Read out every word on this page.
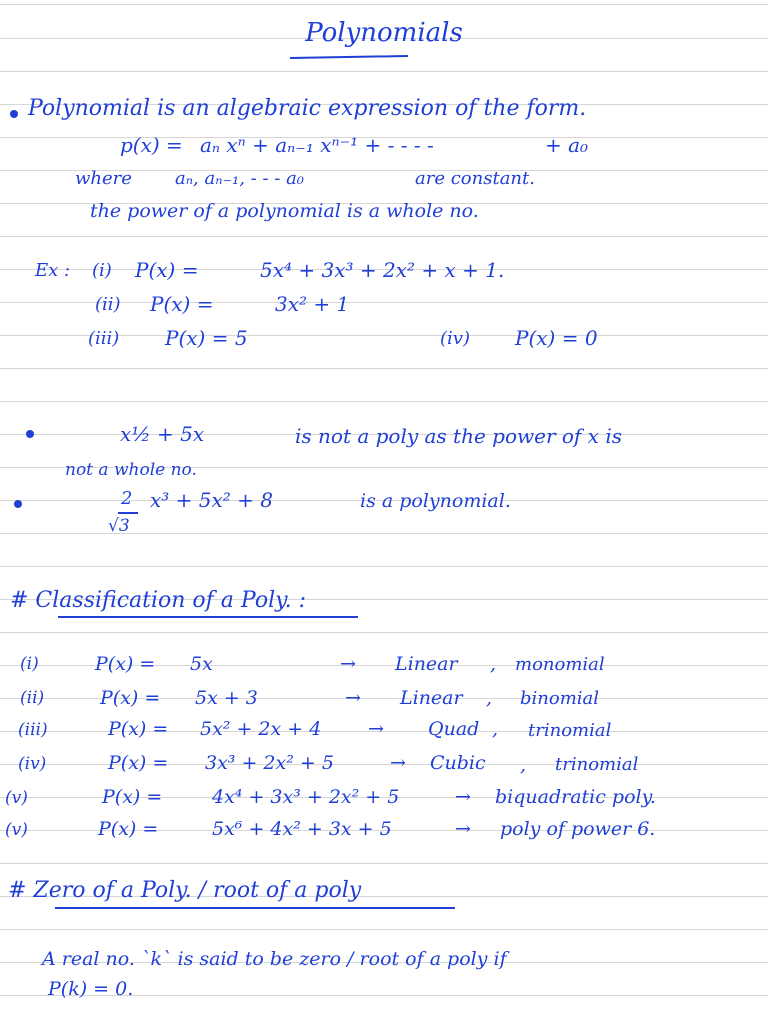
Polynomials
Polynomial is an algebraic expression of the form.
p(x) = aₙ xⁿ + aₙ₋₁ xⁿ⁻¹ + - - - -	+ a₀
where aₙ, aₙ₋₁, - - - a₀	are constant.
the power of a polynomial is a whole no.
Ex : (i) P(x) =	5x⁴ + 3x³ + 2x² + x + 1.
(ii) P(x) =	3x² + 1
(iii) P(x) = 5	(iv) P(x) = 0
x½ + 5x	is not a poly as the power of x is
not a whole no.
2
√3
x³ + 5x² + 8	is a polynomial.
# Classification of a Poly. :
(i)	P(x) = 5x	→ Linear , monomial
(ii)	P(x) = 5x + 3	→ Linear , binomial
(iii)	P(x) = 5x² + 2x + 4 → Quad , trinomial
(iv)	P(x) = 3x³ + 2x² + 5	→ Cubic , trinomial
(v)	P(x) =	4x⁴ + 3x³ + 2x² + 5	→ biquadratic poly.
(v)	P(x) =	5x⁶ + 4x² + 3x + 5	→ poly of power 6.
# Zero of a Poly. / root of a poly
A real no. `k` is said to be zero / root of a poly if
P(k) = 0.
